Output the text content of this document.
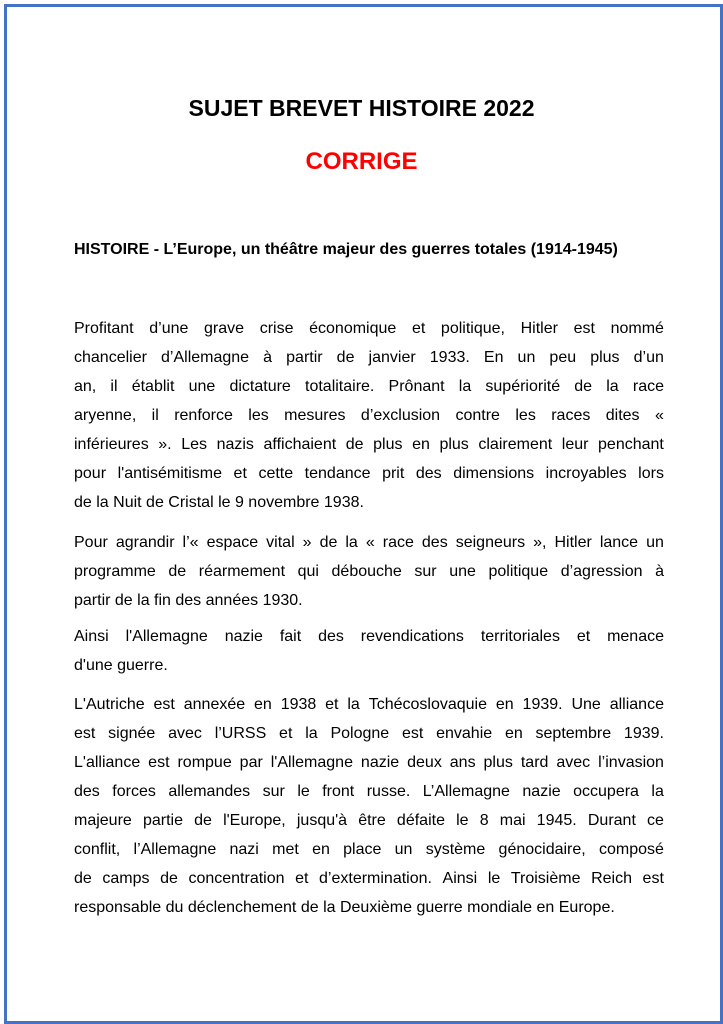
SUJET BREVET HISTOIRE 2022
CORRIGE
HISTOIRE - L’Europe, un théâtre majeur des guerres totales (1914-1945)
Profitant d’une grave crise économique et politique, Hitler est nommé
chancelier d’Allemagne à partir de janvier 1933. En un peu plus d’un
an, il établit une dictature totalitaire. Prônant la supériorité de la race
aryenne, il renforce les mesures d’exclusion contre les races dites «
inférieures ». Les nazis affichaient de plus en plus clairement leur penchant
pour l'antisémitisme et cette tendance prit des dimensions incroyables lors
de la Nuit de Cristal le 9 novembre 1938.
Pour agrandir l’« espace vital » de la « race des seigneurs », Hitler lance un
programme de réarmement qui débouche sur une politique d’agression à
partir de la fin des années 1930.
Ainsi l'Allemagne nazie fait des revendications territoriales et menace
d'une guerre.
L'Autriche est annexée en 1938 et la Tchécoslovaquie en 1939. Une alliance
est signée avec l’URSS et la Pologne est envahie en septembre 1939.
L'alliance est rompue par l'Allemagne nazie deux ans plus tard avec l’invasion
des forces allemandes sur le front russe. L’Allemagne nazie occupera la
majeure partie de l'Europe, jusqu'à être défaite le 8 mai 1945. Durant ce
conflit, l’Allemagne nazi met en place un système génocidaire, composé
de camps de concentration et d’extermination. Ainsi le Troisième Reich est
responsable du déclenchement de la Deuxième guerre mondiale en Europe.
